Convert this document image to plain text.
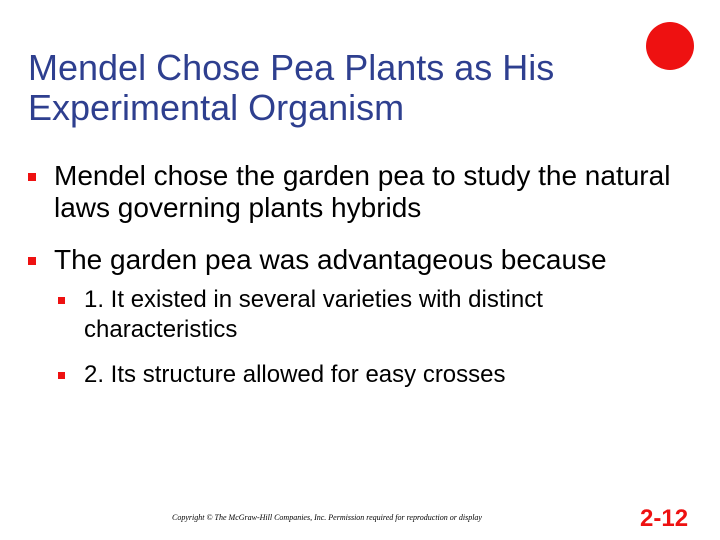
Mendel Chose Pea Plants as His Experimental Organism
Mendel chose the garden pea to study the natural laws governing plants hybrids
The garden pea was advantageous because
1. It existed in several varieties with distinct characteristics
2. Its structure allowed for easy crosses
Copyright © The McGraw-Hill Companies, Inc. Permission required for reproduction or display	2-12
